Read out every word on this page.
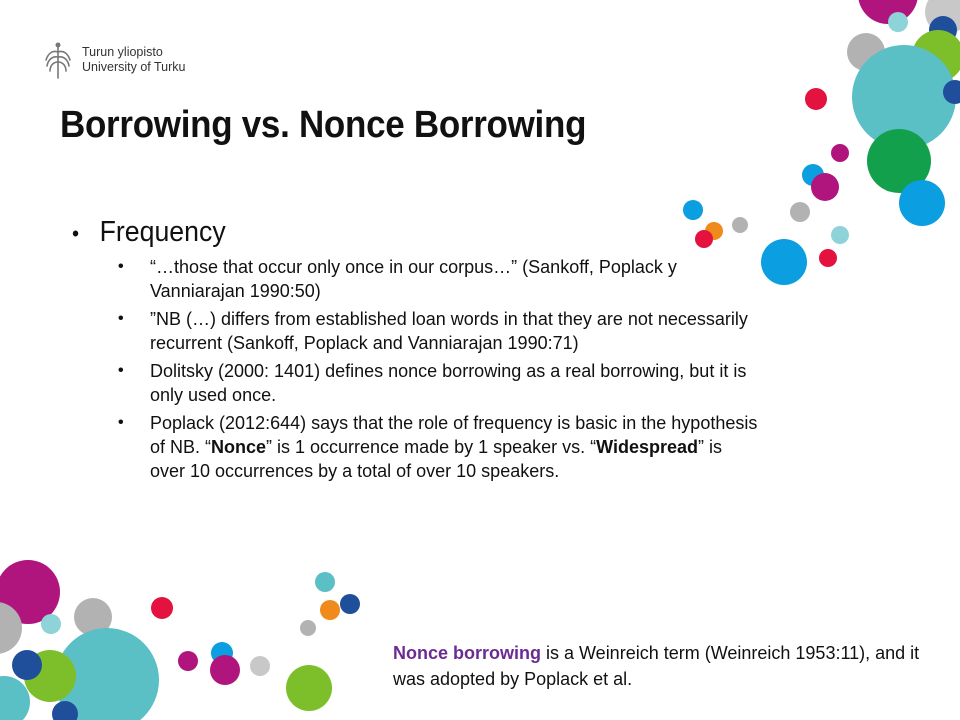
Turun yliopisto
University of Turku
Borrowing vs. Nonce Borrowing
• Frequency
• “…those that occur only once in our corpus…” (Sankoff, Poplack y Vanniarajan 1990:50)
• ”NB (…) differs from established loan words in that they are not necessarily recurrent (Sankoff, Poplack and Vanniarajan 1990:71)
• Dolitsky (2000: 1401) defines nonce borrowing as a real borrowing, but it is only used once.
• Poplack (2012:644) says that the role of frequency is basic in the hypothesis of NB. “Nonce” is 1 occurrence made by 1 speaker vs. “Widespread” is over 10 occurrences by a total of over 10 speakers.
Nonce borrowing is a Weinreich term (Weinreich 1953:11), and it was adopted by Poplack et al.
